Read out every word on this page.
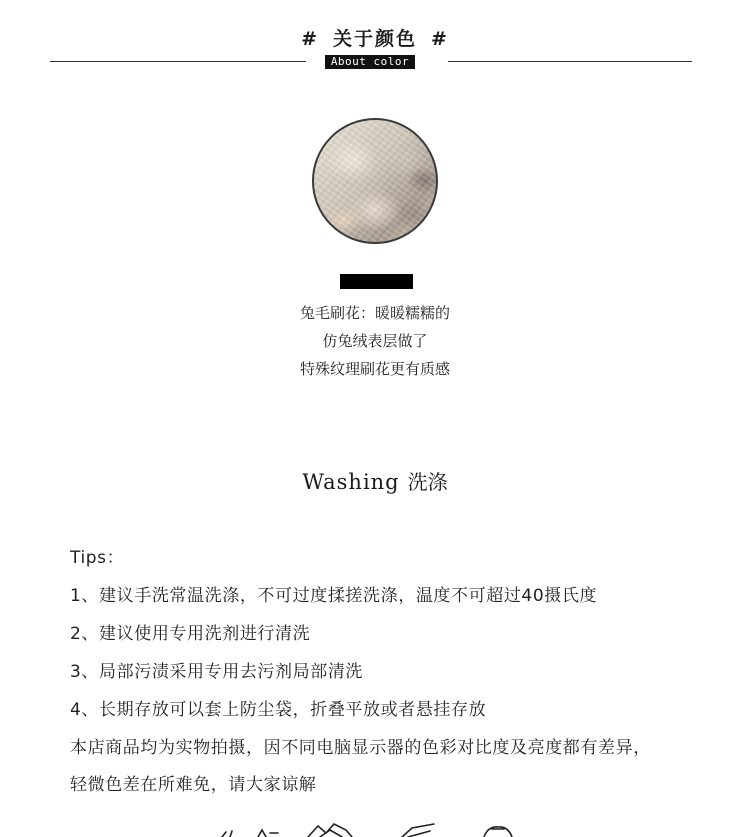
# 关于颜色 #
About color
兔毛刷花：暖暖糯糯的
仿兔绒表层做了
特殊纹理刷花更有质感
Washing 洗涤
Tips：
1、建议手洗常温洗涤，不可过度揉搓洗涤，温度不可超过40摄氏度
2、建议使用专用洗剂进行清洗
3、局部污渍采用专用去污剂局部清洗
4、长期存放可以套上防尘袋，折叠平放或者悬挂存放
本店商品均为实物拍摄，因不同电脑显示器的色彩对比度及亮度都有差异，
轻微色差在所难免，请大家谅解
